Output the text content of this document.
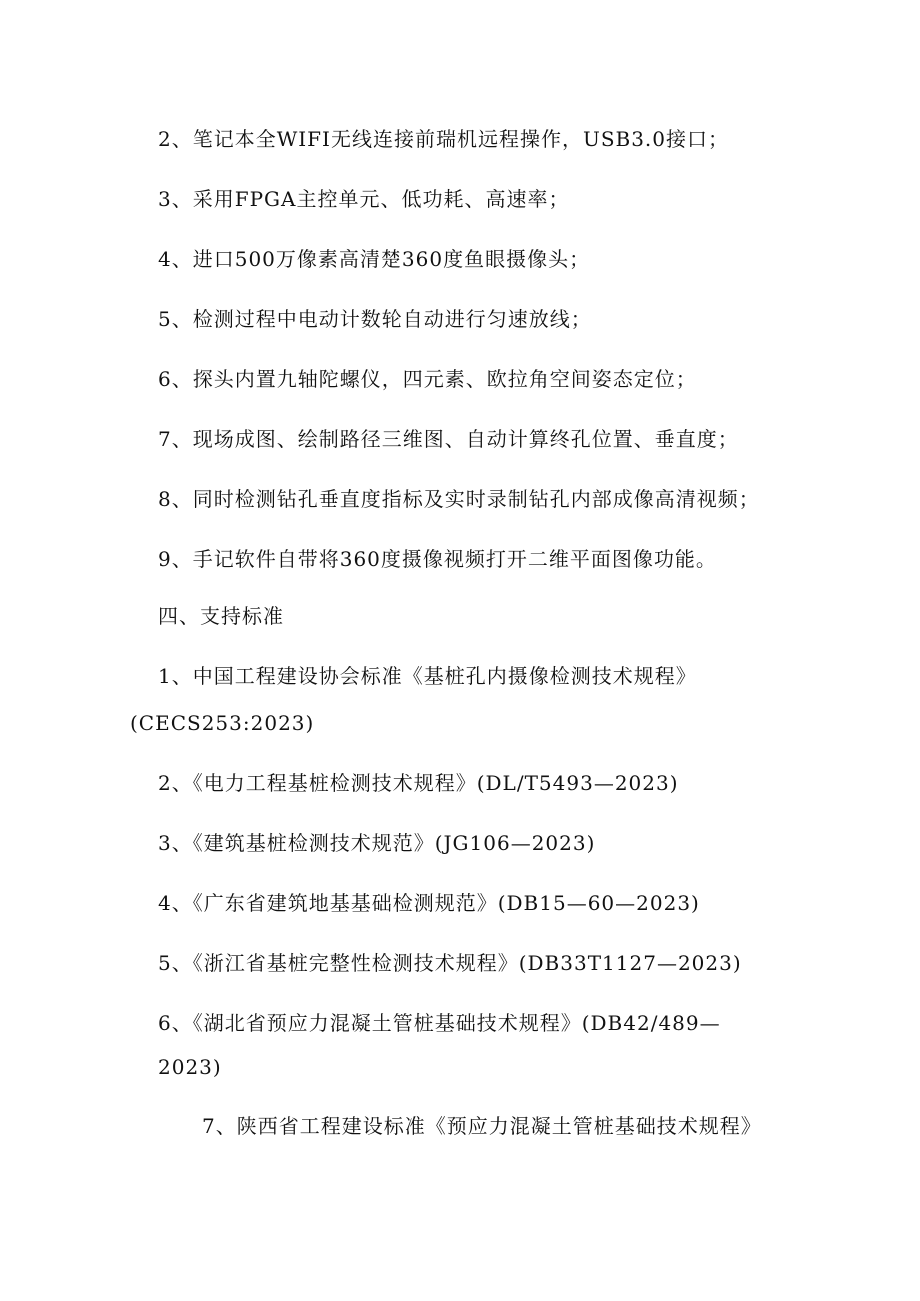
2、笔记本全WIFI无线连接前瑞机远程操作，USB3.0接口；
3、采用FPGA主控单元、低功耗、高速率；
4、进口500万像素高清楚360度鱼眼摄像头；
5、检测过程中电动计数轮自动进行匀速放线；
6、探头内置九轴陀螺仪，四元素、欧拉角空间姿态定位；
7、现场成图、绘制路径三维图、自动计算终孔位置、垂直度；
8、同时检测钻孔垂直度指标及实时录制钻孔内部成像高清视频；
9、手记软件自带将360度摄像视频打开二维平面图像功能。
四、支持标准
1、中国工程建设协会标准《基桩孔内摄像检测技术规程》
(CECS253:2023)
2、《电力工程基桩检测技术规程》(DL/T5493—2023)
3、《建筑基桩检测技术规范》(JG106—2023)
4、《广东省建筑地基基础检测规范》(DB15—60—2023)
5、《浙江省基桩完整性检测技术规程》(DB33T1127—2023)
6、《湖北省预应力混凝土管桩基础技术规程》(DB42/489—
2023)
7、陕西省工程建设标准《预应力混凝土管桩基础技术规程》
